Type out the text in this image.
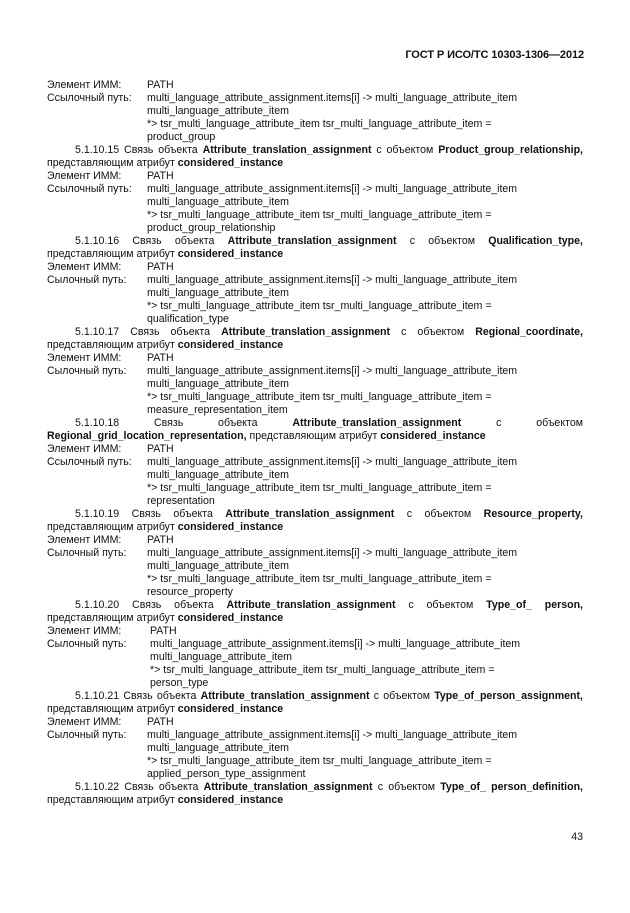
ГОСТ Р ИСО/ТС 10303-1306—2012
Элемент ИММ:	PATH
Ссылочный путь:	multi_language_attribute_assignment.items[i] -> multi_language_attribute_item
multi_language_attribute_item
*> tsr_multi_language_attribute_item tsr_multi_language_attribute_item =
product_group

5.1.10.15 Связь объекта Attribute_translation_assignment с объектом Product_group_relationship, представляющим атрибут considered_instance

Элемент ИММ:	PATH
Ссылочный путь:	multi_language_attribute_assignment.items[i] -> multi_language_attribute_item
multi_language_attribute_item
*> tsr_multi_language_attribute_item tsr_multi_language_attribute_item =
product_group_relationship

5.1.10.16 Связь объекта Attribute_translation_assignment с объектом Qualification_type, представляющим атрибут considered_instance

Элемент ИММ:	PATH
Сылочный путь:	multi_language_attribute_assignment.items[i] -> multi_language_attribute_item
multi_language_attribute_item
*> tsr_multi_language_attribute_item tsr_multi_language_attribute_item =
qualification_type

5.1.10.17 Связь объекта Attribute_translation_assignment с объектом Regional_coordinate, представляющим атрибут considered_instance

Элемент ИММ:	PATH
Сылочный путь:	multi_language_attribute_assignment.items[i] -> multi_language_attribute_item
multi_language_attribute_item
*> tsr_multi_language_attribute_item tsr_multi_language_attribute_item =
measure_representation_item

5.1.10.18 Связь объекта Attribute_translation_assignment с объектом Regional_grid_location_representation, представляющим атрибут considered_instance

Элемент ИММ:	PATH
Ссылочный путь:	multi_language_attribute_assignment.items[i] -> multi_language_attribute_item
multi_language_attribute_item
*> tsr_multi_language_attribute_item tsr_multi_language_attribute_item =
representation

5.1.10.19 Связь объекта Attribute_translation_assignment с объектом Resource_property, представляющим атрибут considered_instance

Элемент ИММ:	PATH
Сылочный путь:	multi_language_attribute_assignment.items[i] -> multi_language_attribute_item
multi_language_attribute_item
*> tsr_multi_language_attribute_item tsr_multi_language_attribute_item =
resource_property

5.1.10.20 Связь объекта Attribute_translation_assignment с объектом Type_of_ person, представляющим атрибут considered_instance

Элемент ИММ:	PATH
Сылочный путь:	multi_language_attribute_assignment.items[i] -> multi_language_attribute_item
multi_language_attribute_item
*> tsr_multi_language_attribute_item tsr_multi_language_attribute_item =
person_type

5.1.10.21 Связь объекта Attribute_translation_assignment с объектом Type_of_person_assignment, представляющим атрибут considered_instance

Элемент ИММ:	PATH
Сылочный путь:	multi_language_attribute_assignment.items[i] -> multi_language_attribute_item
multi_language_attribute_item
*> tsr_multi_language_attribute_item tsr_multi_language_attribute_item =
applied_person_type_assignment

5.1.10.22 Связь объекта Attribute_translation_assignment с объектом Type_of_ person_definition, представляющим атрибут considered_instance

43
